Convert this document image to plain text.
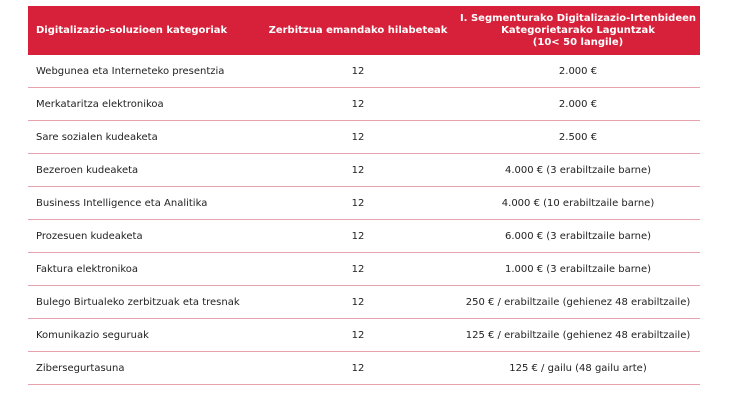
Digitalizazio-soluzioen kategoriak	Zerbitzua emandako hilabeteak	I. Segmenturako Digitalizazio-Irtenbideen
Kategorietarako Laguntzak
(10< 50 langile)

Webgunea eta Interneteko presentzia	12	2.000 €
Merkataritza elektronikoa	12	2.000 €
Sare sozialen kudeaketa	12	2.500 €
Bezeroen kudeaketa	12	4.000 € (3 erabiltzaile barne)
Business Intelligence eta Analitika	12	4.000 € (10 erabiltzaile barne)
Prozesuen kudeaketa	12	6.000 € (3 erabiltzaile barne)
Faktura elektronikoa	12	1.000 € (3 erabiltzaile barne)
Bulego Birtualeko zerbitzuak eta tresnak	12	250 € / erabiltzaile (gehienez 48 erabiltzaile)
Komunikazio seguruak	12	125 € / erabiltzaile (gehienez 48 erabiltzaile)
Zibersegurtasuna	12	125 € / gailu (48 gailu arte)
